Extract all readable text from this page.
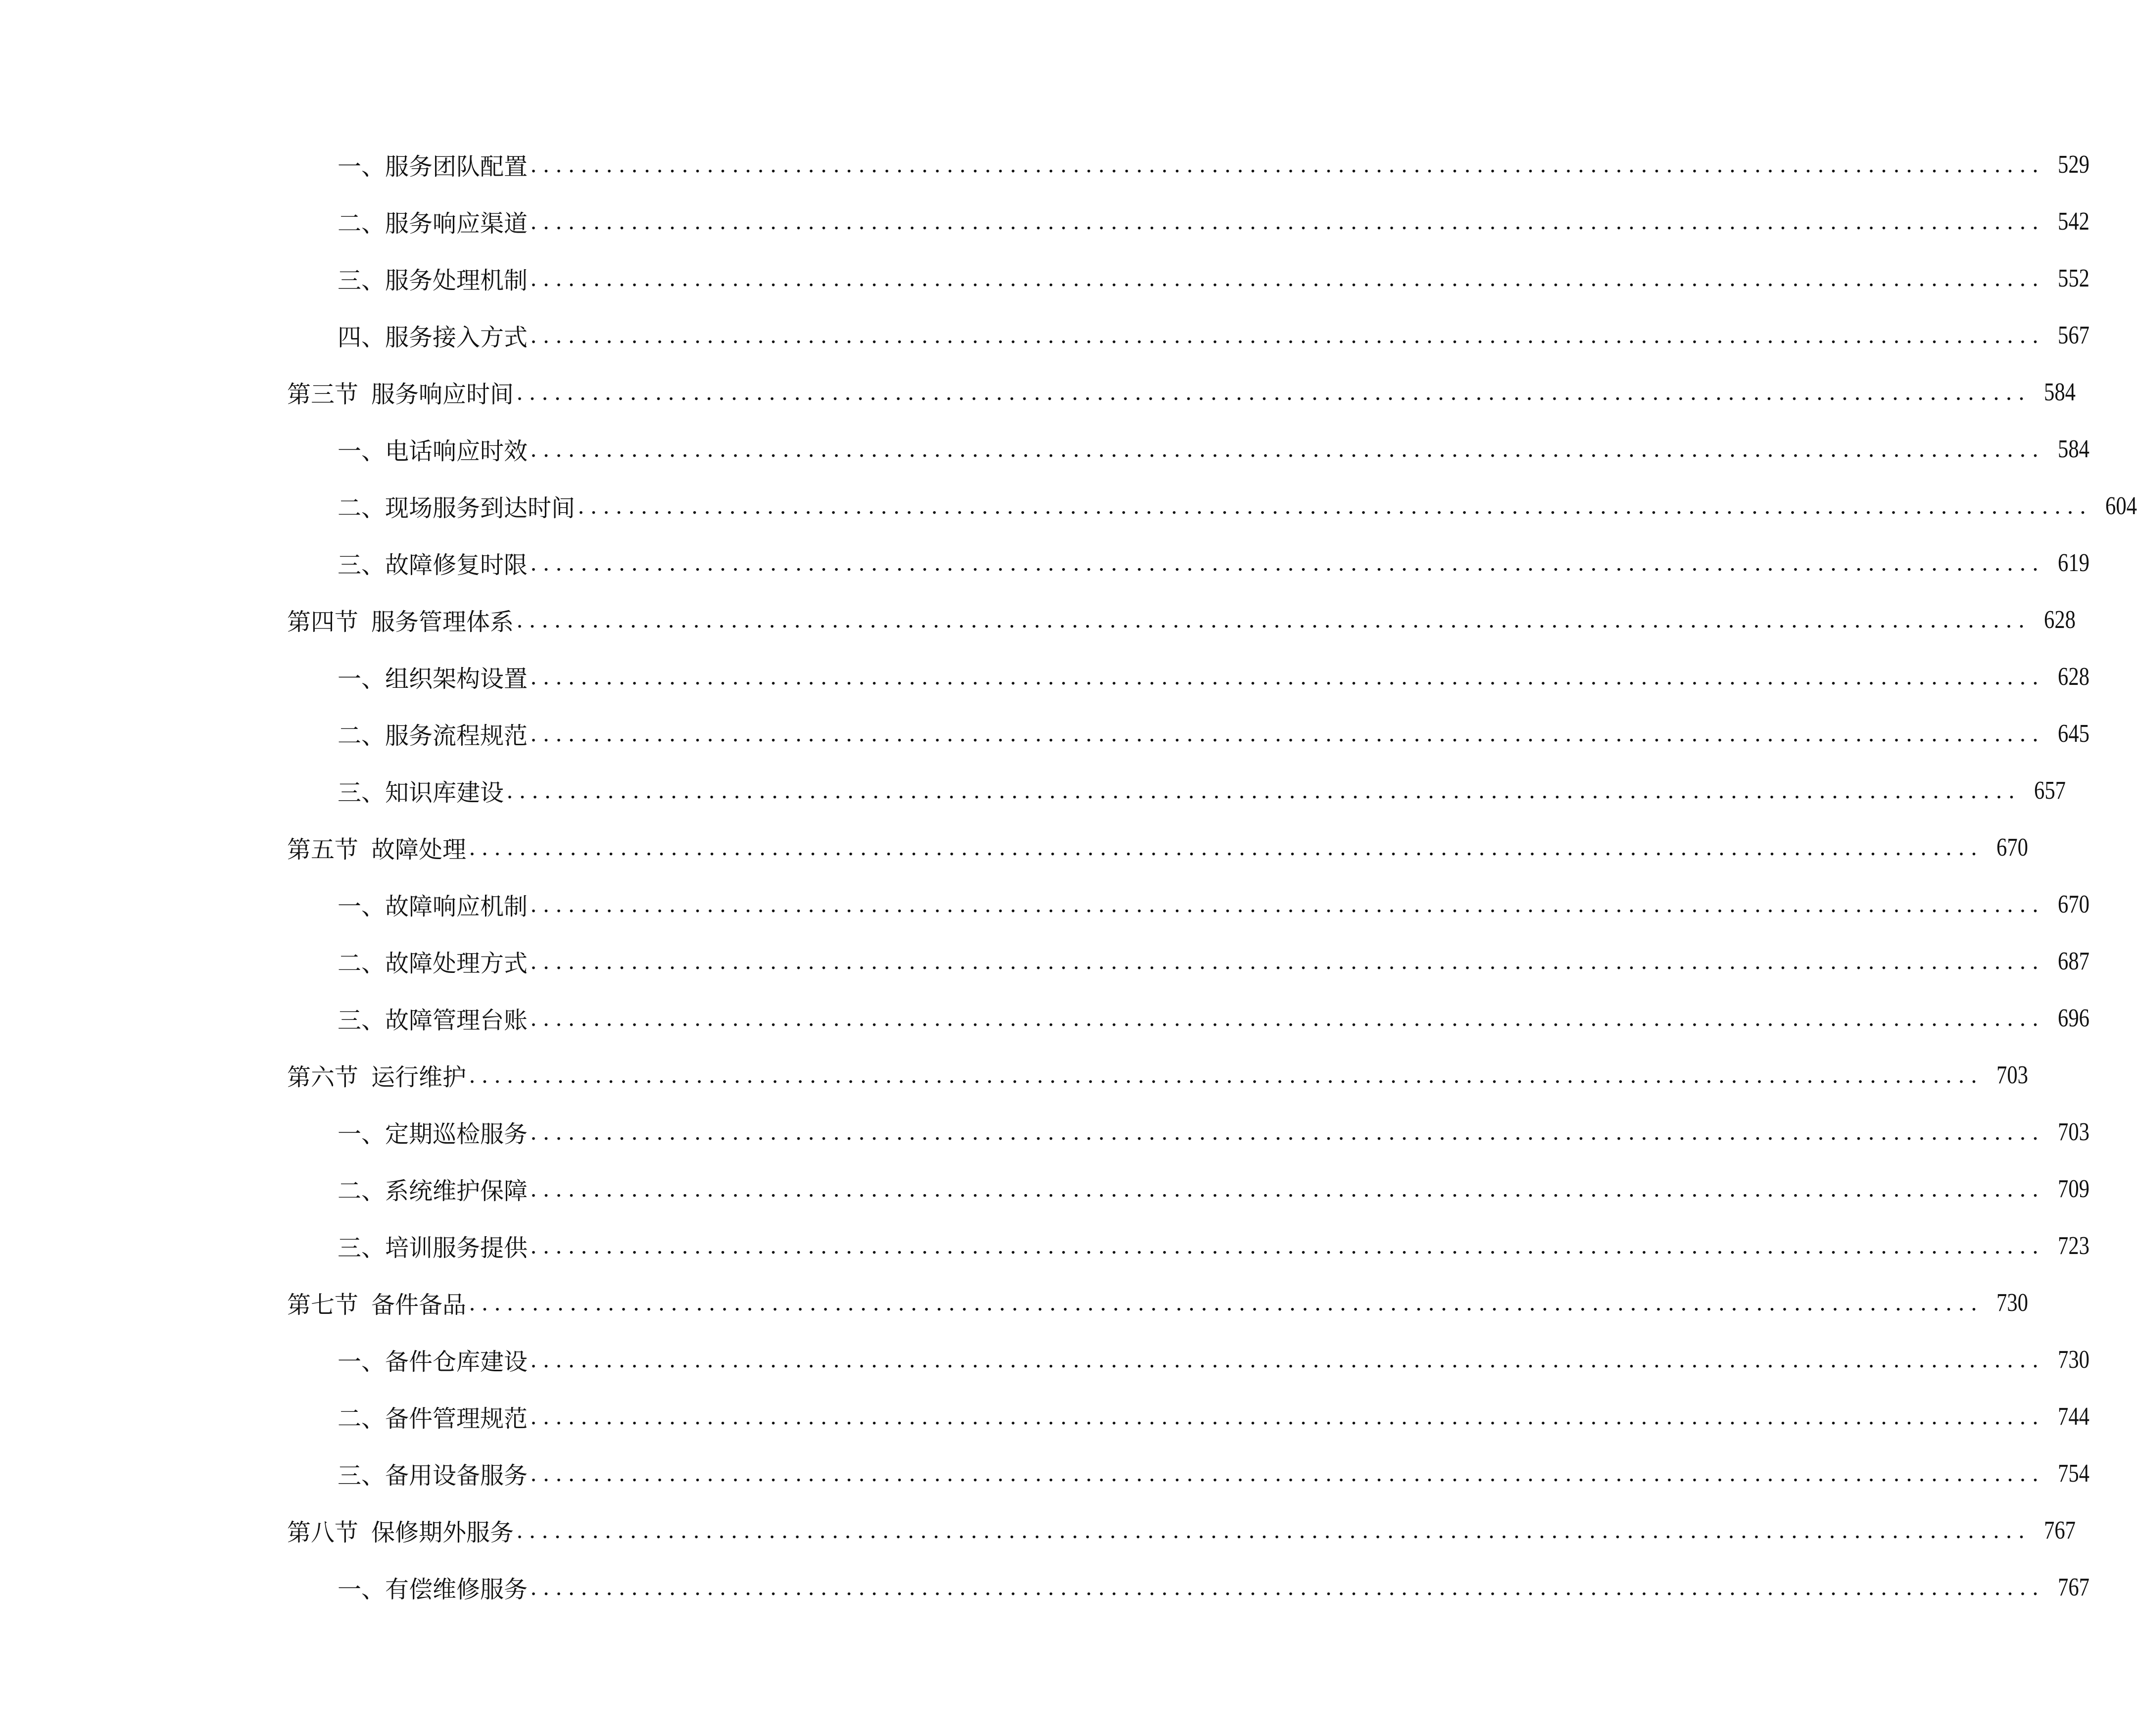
一、 服务团队配置 ........................................................................................................................ 529
二、 服务响应渠道 ........................................................................................................................ 542
三、 服务处理机制 ........................................................................................................................ 552
四、 服务接入方式 ........................................................................................................................ 567
第三节 服务响应时间 ........................................................................................................................ 584
一、 电话响应时效 ........................................................................................................................ 584
二、 现场服务到达时间 ........................................................................................................................ 604
三、 故障修复时限 ........................................................................................................................ 619
第四节 服务管理体系 ........................................................................................................................ 628
一、 组织架构设置 ........................................................................................................................ 628
二、 服务流程规范 ........................................................................................................................ 645
三、 知识库建设 ........................................................................................................................ 657
第五节 故障处理 ........................................................................................................................ 670
一、 故障响应机制 ........................................................................................................................ 670
二、 故障处理方式 ........................................................................................................................ 687
三、 故障管理台账 ........................................................................................................................ 696
第六节 运行维护 ........................................................................................................................ 703
一、 定期巡检服务 ........................................................................................................................ 703
二、 系统维护保障 ........................................................................................................................ 709
三、 培训服务提供 ........................................................................................................................ 723
第七节 备件备品 ........................................................................................................................ 730
一、 备件仓库建设 ........................................................................................................................ 730
二、 备件管理规范 ........................................................................................................................ 744
三、 备用设备服务 ........................................................................................................................ 754
第八节 保修期外服务 ........................................................................................................................ 767
一、 有偿维修服务 ........................................................................................................................ 767
